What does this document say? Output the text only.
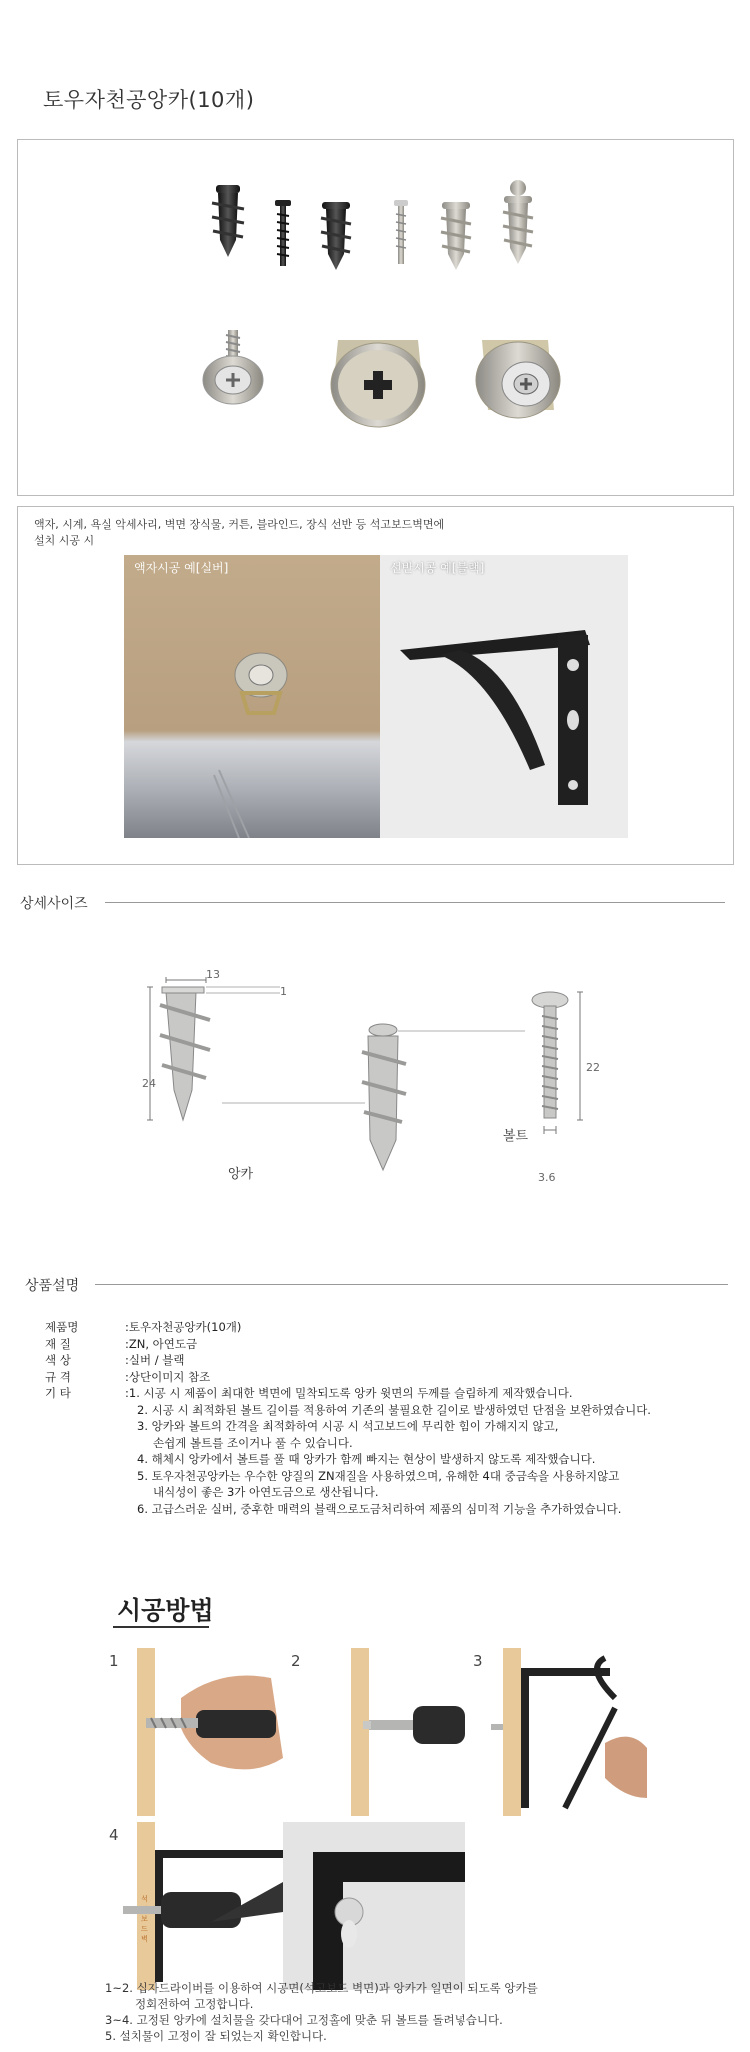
토우자천공앙카(10개)
액자, 시계, 욕실 악세사리, 벽면 장식물, 커튼, 블라인드, 장식 선반 등 석고보드벽면에
설치 시공 시
액자시공 예[실버]	선반시공 예[블랙]
상세사이즈
13
1
24
22
3.6
앙카
볼트
상품설명
제품명	: 토우자천공앙카(10개)
재 질	: ZN, 아연도금
색 상	: 실버 / 블랙
규 격	: 상단이미지 참조
기 타	: 1. 시공 시 제품이 최대한 벽면에 밀착되도록 앙카 윗면의 두께를 슬림하게 제작했습니다.
2. 시공 시 최적화된 볼트 길이를 적용하여 기존의 불필요한 길이로 발생하였던 단점을 보완하였습니다.
3. 앙카와 볼트의 간격을 최적화하여 시공 시 석고보드에 무리한 힘이 가해지지 않고,
손쉽게 볼트를 조이거나 풀 수 있습니다.
4. 해체시 앙카에서 볼트를 풀 때 앙카가 함께 빠지는 현상이 발생하지 않도록 제작했습니다.
5. 토우자천공앙카는 우수한 양질의 ZN재질을 사용하였으며, 유해한 4대 중금속을 사용하지않고
내식성이 좋은 3가 아연도금으로 생산됩니다.
6. 고급스러운 실버, 중후한 매력의 블랙으로도금처리하여 제품의 심미적 기능을 추가하였습니다.
시공방법
1	2	3
4
석 보드벽
1~2. 십자드라이버를 이용하여 시공면(석고보드 벽면)과 앙카가 일면이 되도록 앙카를
정회전하여 고정합니다.
3~4. 고정된 앙카에 설치물을 갖다대어 고정홀에 맞춘 뒤 볼트를 돌려넣습니다.
5. 설치물이 고정이 잘 되었는지 확인합니다.
